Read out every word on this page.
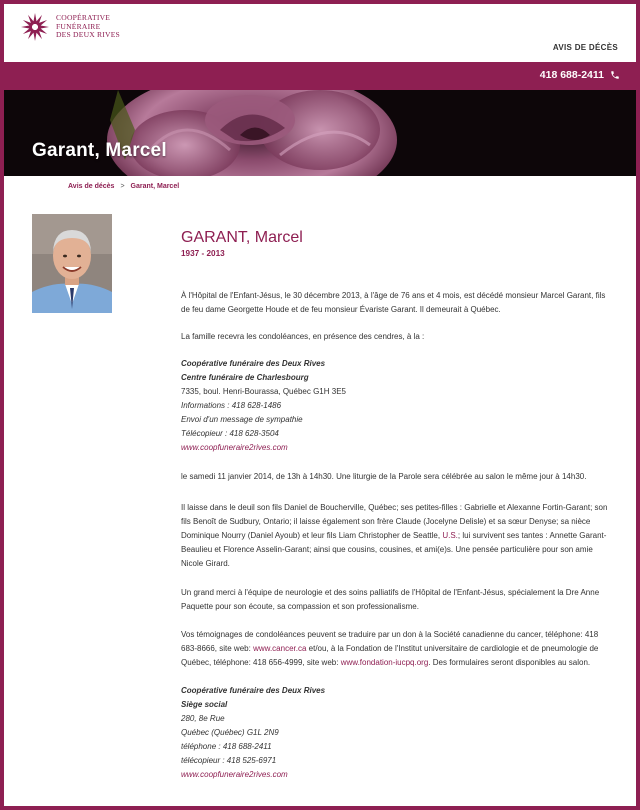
COOPÉRATIVE
FUNÉRAIRE
DES DEUX RIVES
AVIS DE DÉCÈS
418 688-2411
Garant, Marcel
Avis de décès > Garant, Marcel
GARANT, Marcel
1937 - 2013
À l'Hôpital de l'Enfant-Jésus, le 30 décembre 2013, à l'âge de 76 ans et 4 mois, est décédé monsieur Marcel Garant, fils de feu dame Georgette Houde et de feu monsieur Évariste Garant. Il demeurait à Québec.
La famille recevra les condoléances, en présence des cendres, à la :
Coopérative funéraire des Deux Rives
Centre funéraire de Charlesbourg
7335, boul. Henri-Bourassa, Québec G1H 3E5
Informations : 418 628-1486
Envoi d'un message de sympathie
Télécopieur : 418 628-3504
www.coopfuneraire2rives.com
le samedi 11 janvier 2014, de 13h à 14h30. Une liturgie de la Parole sera célébrée au salon le même jour à 14h30.
Il laisse dans le deuil son fils Daniel de Boucherville, Québec; ses petites-filles : Gabrielle et Alexanne Fortin-Garant; son fils Benoît de Sudbury, Ontario; il laisse également son frère Claude (Jocelyne Delisle) et sa sœur Denyse; sa nièce Dominique Nourry (Daniel Ayoub) et leur fils Liam Christopher de Seattle, U.S.; lui survivent ses tantes : Annette Garant-Beaulieu et Florence Asselin-Garant; ainsi que cousins, cousines, et ami(e)s. Une pensée particulière pour son amie Nicole Girard.
Un grand merci à l'équipe de neurologie et des soins palliatifs de l'Hôpital de l'Enfant-Jésus, spécialement la Dre Anne Paquette pour son écoute, sa compassion et son professionalisme.
Vos témoignages de condoléances peuvent se traduire par un don à la Société canadienne du cancer, téléphone: 418 683-8666, site web: www.cancer.ca et/ou, à la Fondation de l'Institut universitaire de cardiologie et de pneumologie de Québec, téléphone: 418 656-4999, site web: www.fondation-iucpq.org. Des formulaires seront disponibles au salon.
Coopérative funéraire des Deux Rives
Siège social
280, 8e Rue
Québec (Québec) G1L 2N9
téléphone : 418 688-2411
télécopieur : 418 525-6971
www.coopfuneraire2rives.com
